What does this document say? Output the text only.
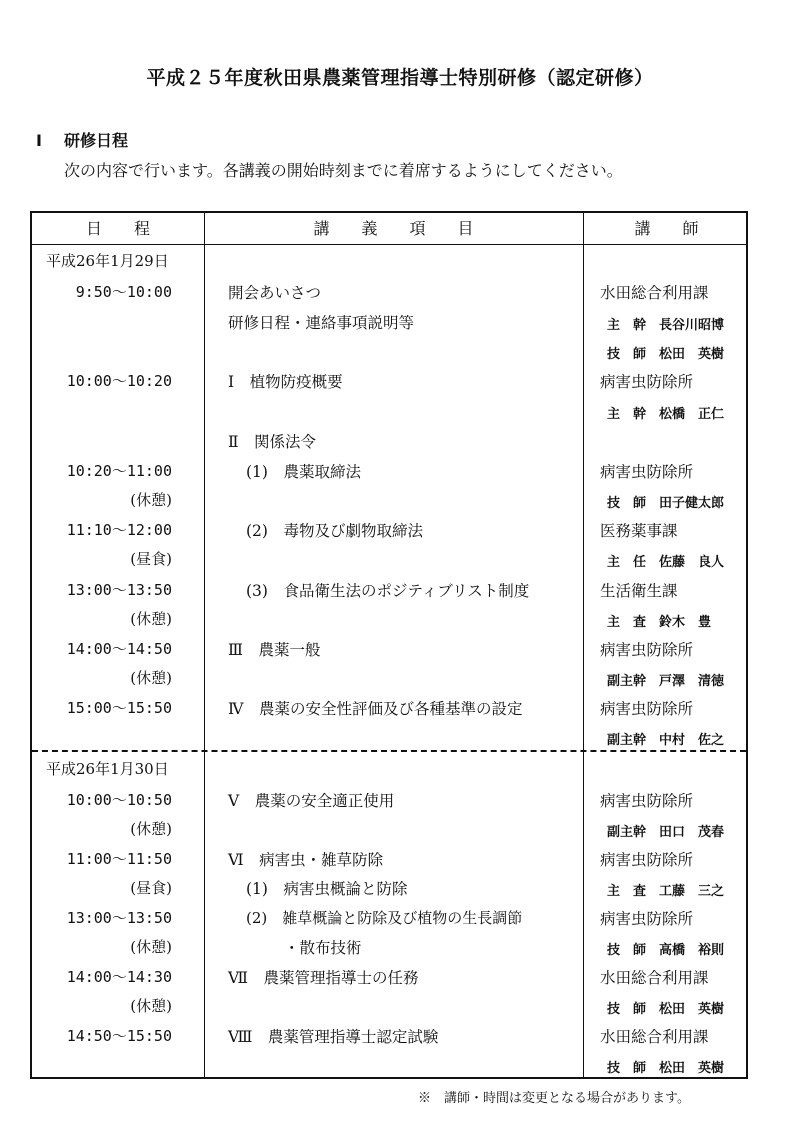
平成２５年度秋田県農薬管理指導士特別研修（認定研修）
Ⅰ 研修日程
次の内容で行います。各講義の開始時刻までに着席するようにしてください。
日　　程	講　　義　　項　　目	講　　師
平成26年1月29日
9:50～10:00
10:00～10:20
10:20～11:00
(休憩)
11:10～12:00
(昼食)
13:00～13:50
(休憩)
14:00～14:50
(休憩)
15:00～15:50
開会あいさつ
研修日程・連絡事項説明等
Ⅰ　植物防疫概要
Ⅱ　関係法令
(1)　農薬取締法
(2)　毒物及び劇物取締法
(3)　食品衛生法のポジティブリスト制度
Ⅲ　農薬一般
Ⅳ　農薬の安全性評価及び各種基準の設定
水田総合利用課
病害虫防除所
病害虫防除所
医務薬事課
生活衛生課
病害虫防除所
病害虫防除所
主　幹　長谷川昭博
技　師　松田　英樹
主　幹　松橋　正仁
技　師　田子健太郎
主　任　佐藤　良人
主　査　鈴木　豊
副主幹　戸澤　清徳
副主幹　中村　佐之
平成26年1月30日
10:00～10:50
(休憩)
11:00～11:50
(昼食)
13:00～13:50
(休憩)
14:00～14:30
(休憩)
14:50～15:50
Ⅴ　農薬の安全適正使用
Ⅵ　病害虫・雑草防除
(1)　病害虫概論と防除
(2)　雑草概論と防除及び植物の生長調節
・散布技術
Ⅶ　農薬管理指導士の任務
Ⅷ　農薬管理指導士認定試験
病害虫防除所
病害虫防除所
病害虫防除所
水田総合利用課
水田総合利用課
副主幹　田口　茂春
主　査　工藤　三之
技　師　高橋　裕則
技　師　松田　英樹
技　師　松田　英樹
※　講師・時間は変更となる場合があります。
